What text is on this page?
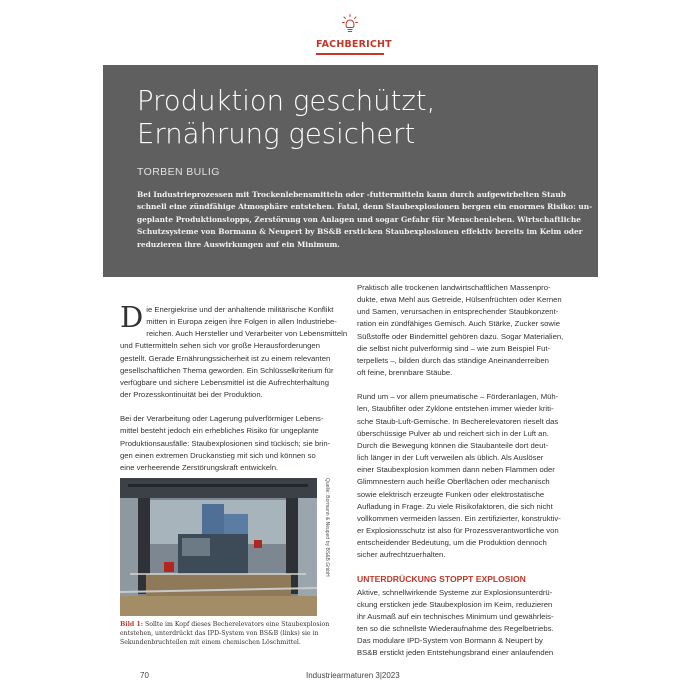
FACHBERICHT
Produktion geschützt,
Ernährung gesichert
TORBEN BULIG
Bei Industrieprozessen mit Trockenlebensmitteln oder -futtermitteln kann durch aufgewirbelten Staub
schnell eine zündfähige Atmosphäre entstehen. Fatal, denn Staubexplosionen bergen ein enormes Risiko: un-
geplante Produktionstopps, Zerstörung von Anlagen und sogar Gefahr für Menschenleben. Wirtschaftliche
Schutzsysteme von Bormann & Neupert by BS&B ersticken Staubexplosionen effektiv bereits im Keim oder
reduzieren ihre Auswirkungen auf ein Minimum.
D ie Energiekrise und der anhaltende militärische Konflikt
mitten in Europa zeigen ihre Folgen in allen Industriebe-
reichen. Auch Hersteller und Verarbeiter von Lebensmitteln
und Futtermitteln sehen sich vor große Herausforderungen
gestellt. Gerade Ernährungssicherheit ist zu einem relevanten
gesellschaftlichen Thema geworden. Ein Schlüsselkriterium für
verfügbare und sichere Lebensmittel ist die Aufrechterhaltung
der Prozesskontinuität bei der Produktion.
Bei der Verarbeitung oder Lagerung pulverförmiger Lebens-
mittel besteht jedoch ein erhebliches Risiko für ungeplante
Produktionsausfälle: Staubexplosionen sind tückisch; sie brin-
gen einen extremen Druckanstieg mit sich und können so
eine verheerende Zerstörungskraft entwickeln.
Quelle: Bormann & Neupert by BS&B GmbH
Bild 1: Sollte im Kopf dieses Becherelevators eine Staubexplosion
entstehen, unterdrückt das IPD-System von BS&B (links) sie in
Sekundenbruchteilen mit einem chemischen Löschmittel.
Praktisch alle trockenen landwirtschaftlichen Massenpro-
dukte, etwa Mehl aus Getreide, Hülsenfrüchten oder Kernen
und Samen, verursachen in entsprechender Staubkonzent-
ration ein zündfähiges Gemisch. Auch Stärke, Zucker sowie
Süßstoffe oder Bindemittel gehören dazu. Sogar Materialien,
die selbst nicht pulverförmig sind – wie zum Beispiel Fut-
terpellets –, bilden durch das ständige Aneinanderreiben
oft feine, brennbare Stäube.
Rund um – vor allem pneumatische – Förderanlagen, Müh-
len, Staubfilter oder Zyklone entstehen immer wieder kriti-
sche Staub-Luft-Gemische. In Becherelevatoren rieselt das
überschüssige Pulver ab und reichert sich in der Luft an.
Durch die Bewegung können die Staubanteile dort deut-
lich länger in der Luft verweilen als üblich. Als Auslöser
einer Staubexplosion kommen dann neben Flammen oder
Glimmnestern auch heiße Oberflächen oder mechanisch
sowie elektrisch erzeugte Funken oder elektrostatische
Aufladung in Frage. Zu viele Risikofaktoren, die sich nicht
vollkommen vermeiden lassen. Ein zertifizierter, konstruktiv-
er Explosionsschutz ist also für Prozessverantwortliche von
entscheidender Bedeutung, um die Produktion dennoch
sicher aufrechtzuerhalten.
UNTERDRÜCKUNG STOPPT EXPLOSION
Aktive, schnellwirkende Systeme zur Explosionsunterdrü-
ckung ersticken jede Staubexplosion im Keim, reduzieren
ihr Ausmaß auf ein technisches Minimum und gewährleis-
ten so die schnellste Wiederaufnahme des Regelbetriebs.
Das modulare IPD-System von Bormann & Neupert by
BS&B erstickt jeden Entstehungsbrand einer anlaufenden
70	Industriearmaturen 3|2023
